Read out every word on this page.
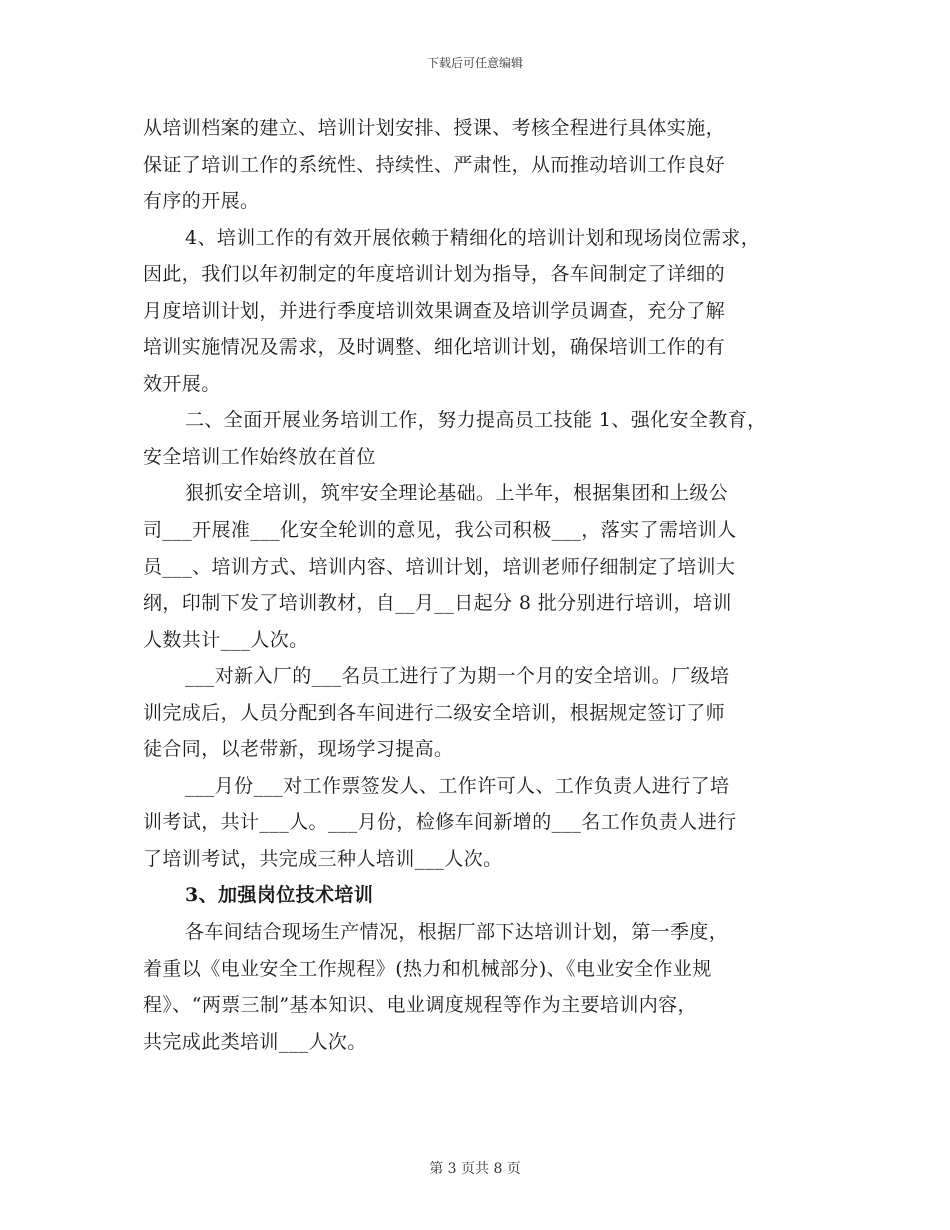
下载后可任意编辑
从培训档案的建立、培训计划安排、授课、考核全程进行具体实施，
保证了培训工作的系统性、持续性、严肃性，从而推动培训工作良好
有序的开展。
4、培训工作的有效开展依赖于精细化的培训计划和现场岗位需求，
因此，我们以年初制定的年度培训计划为指导，各车间制定了详细的
月度培训计划，并进行季度培训效果调查及培训学员调查，充分了解
培训实施情况及需求，及时调整、细化培训计划，确保培训工作的有
效开展。
二、全面开展业务培训工作，努力提高员工技能 1、强化安全教育，
安全培训工作始终放在首位
狠抓安全培训，筑牢安全理论基础。上半年，根据集团和上级公
司___开展准___化安全轮训的意见，我公司积极___，落实了需培训人
员___、培训方式、培训内容、培训计划，培训老师仔细制定了培训大
纲，印制下发了培训教材，自__月__日起分 8 批分别进行培训，培训
人数共计___人次。
___对新入厂的___名员工进行了为期一个月的安全培训。厂级培
训完成后，人员分配到各车间进行二级安全培训，根据规定签订了师
徒合同，以老带新，现场学习提高。
___月份___对工作票签发人、工作许可人、工作负责人进行了培
训考试，共计___人。___月份，检修车间新增的___名工作负责人进行
了培训考试，共完成三种人培训___人次。
3、加强岗位技术培训
各车间结合现场生产情况，根据厂部下达培训计划，第一季度，
着重以《电业安全工作规程》(热力和机械部分)、《电业安全作业规
程》、“两票三制”基本知识、电业调度规程等作为主要培训内容，
共完成此类培训___人次。
第 3 页共 8 页
